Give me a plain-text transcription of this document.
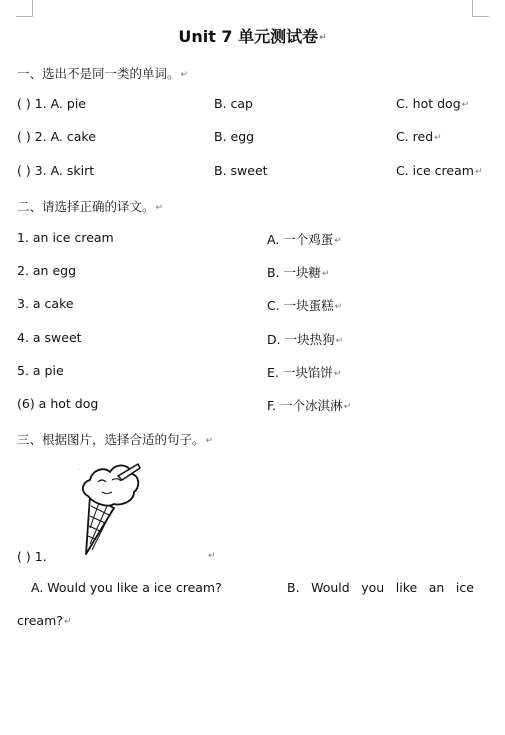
Unit 7 单元测试卷↵
一、选出不是同一类的单词。↵
( ) 1. A. pie	B. cap	C. hot dog↵
( ) 2. A. cake	B. egg	C. red↵
( ) 3. A. skirt	B. sweet	C. ice cream↵
二、请选择正确的译文。↵
1. an ice cream	A. 一个鸡蛋↵
2. an egg	B. 一块糖↵
3. a cake	C. 一块蛋糕↵
4. a sweet	D. 一块热狗↵
5. a pie	E. 一块馅饼↵
(6) a hot dog	F. 一个冰淇淋↵
三、根据图片，选择合适的句子。↵
( ) 1.	↵
A. Would you like a ice cream?	B. Would you like an ice
cream?↵
